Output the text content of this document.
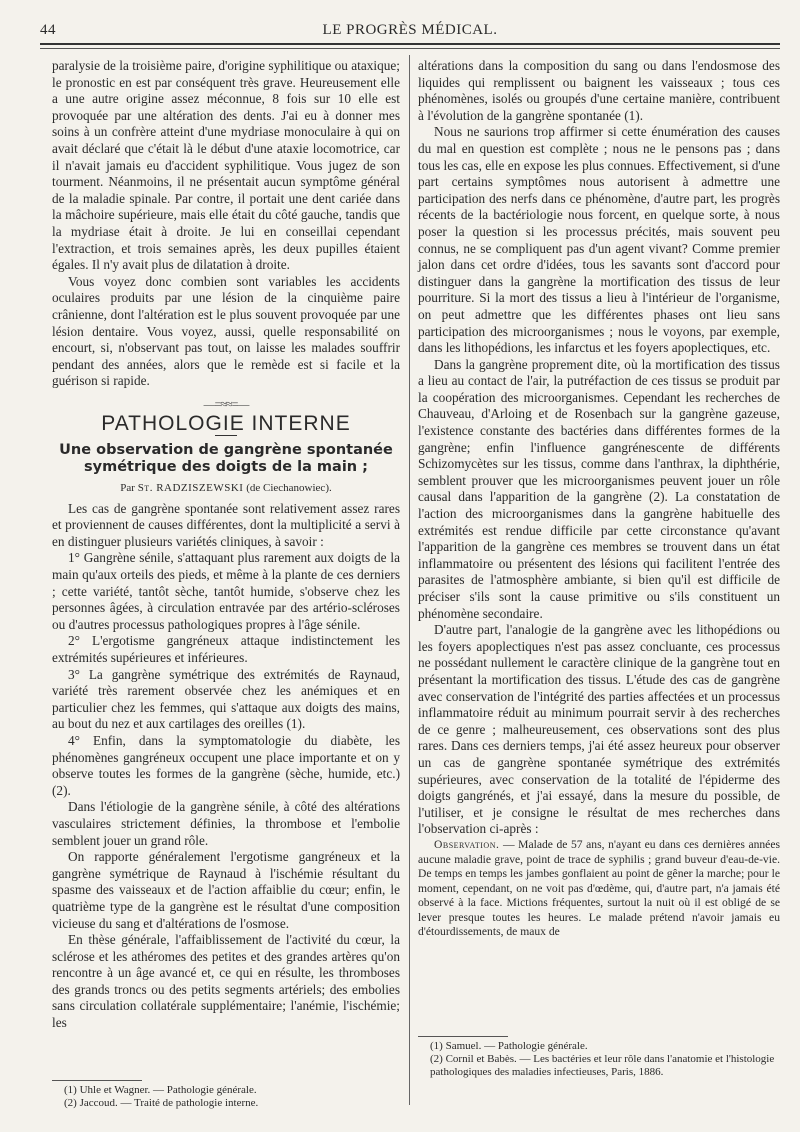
44	LE PROGRÈS MÉDICAL.

paralysie de la troisième paire, d'origine syphilitique ou ataxique; le pronostic en est par conséquent très grave. Heureusement elle a une autre origine assez méconnue, 8 fois sur 10 elle est provoquée par une altération des dents. J'ai eu à donner mes soins à un confrère atteint d'une mydriase monoculaire à qui on avait déclaré que c'était là le début d'une ataxie locomotrice, car il n'avait jamais eu d'accident syphilitique. Vous jugez de son tourment. Néanmoins, il ne présentait aucun symptôme général de la maladie spinale. Par contre, il portait une dent cariée dans la mâchoire supérieure, mais elle était du côté gauche, tandis que la mydriase était à droite. Je lui en conseillai cependant l'extraction, et trois semaines après, les deux pupilles étaient égales. Il n'y avait plus de dilatation à droite.

Vous voyez donc combien sont variables les accidents oculaires produits par une lésion de la cinquième paire crânienne, dont l'altération est le plus souvent provoquée par une lésion dentaire. Vous voyez, aussi, quelle responsabilité on encourt, si, n'observant pas tout, on laisse les malades souffrir pendant des années, alors que le remède est si facile et la guérison si rapide.

—=≈≈=—
PATHOLOGIE INTERNE
Une observation de gangrène spontanée symétrique des doigts de la main ;
Par St. RADZISZEWSKI (de Ciechanowiec).

Les cas de gangrène spontanée sont relativement assez rares et proviennent de causes différentes, dont la multiplicité a servi à en distinguer plusieurs variétés cliniques, à savoir :

1° Gangrène sénile, s'attaquant plus rarement aux doigts de la main qu'aux orteils des pieds, et même à la plante de ces derniers ; cette variété, tantôt sèche, tantôt humide, s'observe chez les personnes âgées, à circulation entravée par des artério-scléroses ou d'autres processus pathologiques propres à l'âge sénile.

2° L'ergotisme gangréneux attaque indistinctement les extrémités supérieures et inférieures.

3° La gangrène symétrique des extrémités de Raynaud, variété très rarement observée chez les anémiques et en particulier chez les femmes, qui s'attaque aux doigts des mains, au bout du nez et aux cartilages des oreilles (1).

4° Enfin, dans la symptomatologie du diabète, les phénomènes gangréneux occupent une place importante et on y observe toutes les formes de la gangrène (sèche, humide, etc.) (2).

Dans l'étiologie de la gangrène sénile, à côté des altérations vasculaires strictement définies, la thrombose et l'embolie semblent jouer un grand rôle.

On rapporte généralement l'ergotisme gangréneux et la gangrène symétrique de Raynaud à l'ischémie résultant du spasme des vaisseaux et de l'action affaiblie du cœur; enfin, le quatrième type de la gangrène est le résultat d'une composition vicieuse du sang et d'altérations de l'osmose.

En thèse générale, l'affaiblissement de l'activité du cœur, la sclérose et les athéromes des petites et des grandes artères qu'on rencontre à un âge avancé et, ce qui en résulte, les thromboses des grands troncs ou des petits segments artériels; des embolies sans circulation collatérale supplémentaire; l'anémie, l'ischémie; les

(1) Uhle et Wagner. — Pathologie générale.

(2) Jaccoud. — Traité de pathologie interne.

altérations dans la composition du sang ou dans l'endosmose des liquides qui remplissent ou baignent les vaisseaux ; tous ces phénomènes, isolés ou groupés d'une certaine manière, contribuent à l'évolution de la gangrène spontanée (1).

Nous ne saurions trop affirmer si cette énumération des causes du mal en question est complète ; nous ne le pensons pas ; dans tous les cas, elle en expose les plus connues. Effectivement, si d'une part certains symptômes nous autorisent à admettre une participation des nerfs dans ce phénomène, d'autre part, les progrès récents de la bactériologie nous forcent, en quelque sorte, à nous poser la question si les processus précités, mais souvent peu connus, ne se compliquent pas d'un agent vivant? Comme premier jalon dans cet ordre d'idées, tous les savants sont d'accord pour distinguer dans la gangrène la mortification des tissus de leur pourriture. Si la mort des tissus a lieu à l'intérieur de l'organisme, on peut admettre que les différentes phases ont lieu sans participation des microorganismes ; nous le voyons, par exemple, dans les lithopédions, les infarctus et les foyers apoplectiques, etc.

Dans la gangrène proprement dite, où la mortification des tissus a lieu au contact de l'air, la putréfaction de ces tissus se produit par la coopération des microorganismes. Cependant les recherches de Chauveau, d'Arloing et de Rosenbach sur la gangrène gazeuse, l'existence constante des bactéries dans différentes formes de la gangrène; enfin l'influence gangrénescente de différents Schizomycètes sur les tissus, comme dans l'anthrax, la diphthérie, semblent prouver que les microorganismes peuvent jouer un rôle causal dans l'apparition de la gangrène (2). La constatation de l'action des microorganismes dans la gangrène habituelle des extrémités est rendue difficile par cette circonstance qu'avant l'apparition de la gangrène ces membres se trouvent dans un état inflammatoire ou présentent des lésions qui facilitent l'entrée des parasites de l'atmosphère ambiante, si bien qu'il est difficile de préciser s'ils sont la cause primitive ou s'ils constituent un phénomène secondaire.

D'autre part, l'analogie de la gangrène avec les lithopédions ou les foyers apoplectiques n'est pas assez concluante, ces processus ne possédant nullement le caractère clinique de la gangrène tout en présentant la mortification des tissus. L'étude des cas de gangrène avec conservation de l'intégrité des parties affectées et un processus inflammatoire réduit au minimum pourrait servir à des recherches de ce genre ; malheureusement, ces observations sont des plus rares. Dans ces derniers temps, j'ai été assez heureux pour observer un cas de gangrène spontanée symétrique des extrémités supérieures, avec conservation de la totalité de l'épiderme des doigts gangrénés, et j'ai essayé, dans la mesure du possible, de l'utiliser, et je consigne le résultat de mes recherches dans l'observation ci-après :

Observation. — Malade de 57 ans, n'ayant eu dans ces dernières années aucune maladie grave, point de trace de syphilis ; grand buveur d'eau-de-vie. De temps en temps les jambes gonflaient au point de gêner la marche; pour le moment, cependant, on ne voit pas d'œdème, qui, d'autre part, n'a jamais été observé à la face. Mictions fréquentes, surtout la nuit où il est obligé de se lever presque toutes les heures. Le malade prétend n'avoir jamais eu d'étourdissements, de maux de

(1) Samuel. — Pathologie générale.

(2) Cornil et Babès. — Les bactéries et leur rôle dans l'anatomie et l'histologie pathologiques des maladies infectieuses, Paris, 1886.
